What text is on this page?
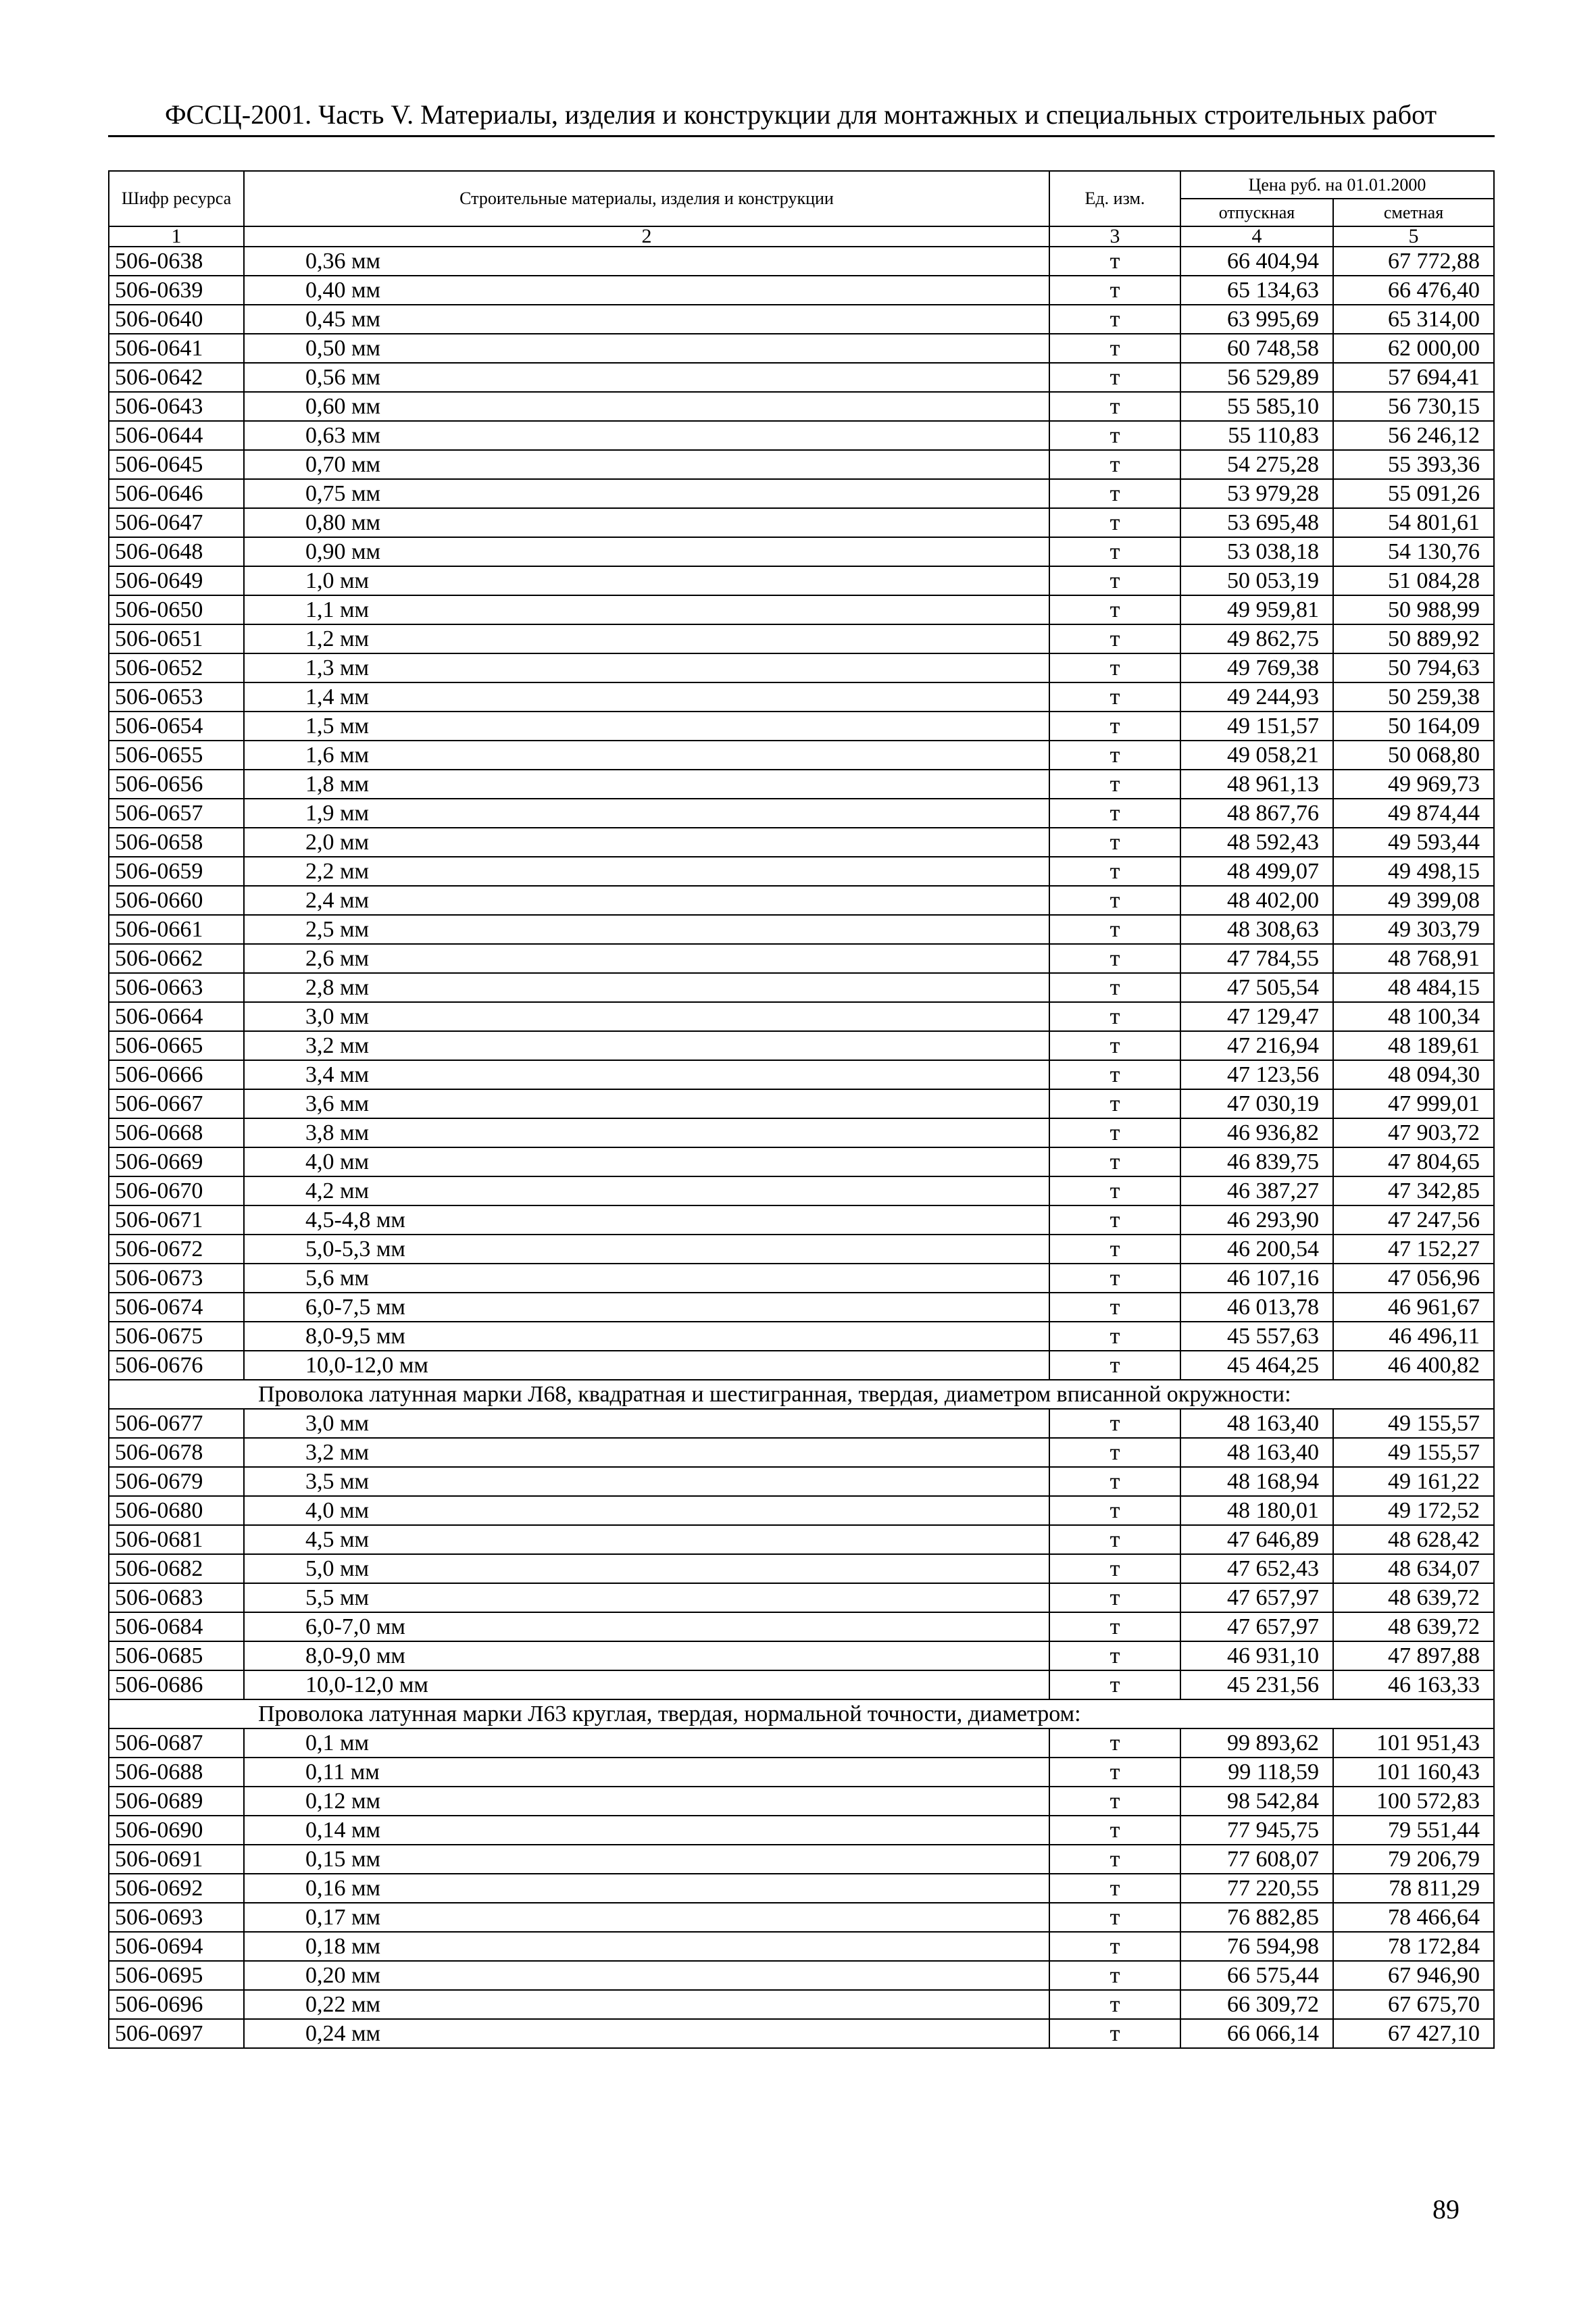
ФССЦ-2001. Часть V. Материалы, изделия и конструкции для монтажных и специальных строительных работ
Шифр ресурса	Строительные материалы, изделия и конструкции	Ед. изм.	Цена руб. на 01.01.2000	
			отпускная	сметная
1	2	3	4	5
506-0638	0,36 мм	т	66 404,94	67 772,88
506-0639	0,40 мм	т	65 134,63	66 476,40
506-0640	0,45 мм	т	63 995,69	65 314,00
506-0641	0,50 мм	т	60 748,58	62 000,00
506-0642	0,56 мм	т	56 529,89	57 694,41
506-0643	0,60 мм	т	55 585,10	56 730,15
506-0644	0,63 мм	т	55 110,83	56 246,12
506-0645	0,70 мм	т	54 275,28	55 393,36
506-0646	0,75 мм	т	53 979,28	55 091,26
506-0647	0,80 мм	т	53 695,48	54 801,61
506-0648	0,90 мм	т	53 038,18	54 130,76
506-0649	1,0 мм	т	50 053,19	51 084,28
506-0650	1,1 мм	т	49 959,81	50 988,99
506-0651	1,2 мм	т	49 862,75	50 889,92
506-0652	1,3 мм	т	49 769,38	50 794,63
506-0653	1,4 мм	т	49 244,93	50 259,38
506-0654	1,5 мм	т	49 151,57	50 164,09
506-0655	1,6 мм	т	49 058,21	50 068,80
506-0656	1,8 мм	т	48 961,13	49 969,73
506-0657	1,9 мм	т	48 867,76	49 874,44
506-0658	2,0 мм	т	48 592,43	49 593,44
506-0659	2,2 мм	т	48 499,07	49 498,15
506-0660	2,4 мм	т	48 402,00	49 399,08
506-0661	2,5 мм	т	48 308,63	49 303,79
506-0662	2,6 мм	т	47 784,55	48 768,91
506-0663	2,8 мм	т	47 505,54	48 484,15
506-0664	3,0 мм	т	47 129,47	48 100,34
506-0665	3,2 мм	т	47 216,94	48 189,61
506-0666	3,4 мм	т	47 123,56	48 094,30
506-0667	3,6 мм	т	47 030,19	47 999,01
506-0668	3,8 мм	т	46 936,82	47 903,72
506-0669	4,0 мм	т	46 839,75	47 804,65
506-0670	4,2 мм	т	46 387,27	47 342,85
506-0671	4,5-4,8 мм	т	46 293,90	47 247,56
506-0672	5,0-5,3 мм	т	46 200,54	47 152,27
506-0673	5,6 мм	т	46 107,16	47 056,96
506-0674	6,0-7,5 мм	т	46 013,78	46 961,67
506-0675	8,0-9,5 мм	т	45 557,63	46 496,11
506-0676	10,0-12,0 мм	т	45 464,25	46 400,82
Проволока латунная марки Л68, квадратная и шестигранная, твердая, диаметром вписанной окружности:				
506-0677	3,0 мм	т	48 163,40	49 155,57
506-0678	3,2 мм	т	48 163,40	49 155,57
506-0679	3,5 мм	т	48 168,94	49 161,22
506-0680	4,0 мм	т	48 180,01	49 172,52
506-0681	4,5 мм	т	47 646,89	48 628,42
506-0682	5,0 мм	т	47 652,43	48 634,07
506-0683	5,5 мм	т	47 657,97	48 639,72
506-0684	6,0-7,0 мм	т	47 657,97	48 639,72
506-0685	8,0-9,0 мм	т	46 931,10	47 897,88
506-0686	10,0-12,0 мм	т	45 231,56	46 163,33
Проволока латунная марки Л63 круглая, твердая, нормальной точности, диаметром:				
506-0687	0,1 мм	т	99 893,62	101 951,43
506-0688	0,11 мм	т	99 118,59	101 160,43
506-0689	0,12 мм	т	98 542,84	100 572,83
506-0690	0,14 мм	т	77 945,75	79 551,44
506-0691	0,15 мм	т	77 608,07	79 206,79
506-0692	0,16 мм	т	77 220,55	78 811,29
506-0693	0,17 мм	т	76 882,85	78 466,64
506-0694	0,18 мм	т	76 594,98	78 172,84
506-0695	0,20 мм	т	66 575,44	67 946,90
506-0696	0,22 мм	т	66 309,72	67 675,70
506-0697	0,24 мм	т	66 066,14	67 427,10
89
